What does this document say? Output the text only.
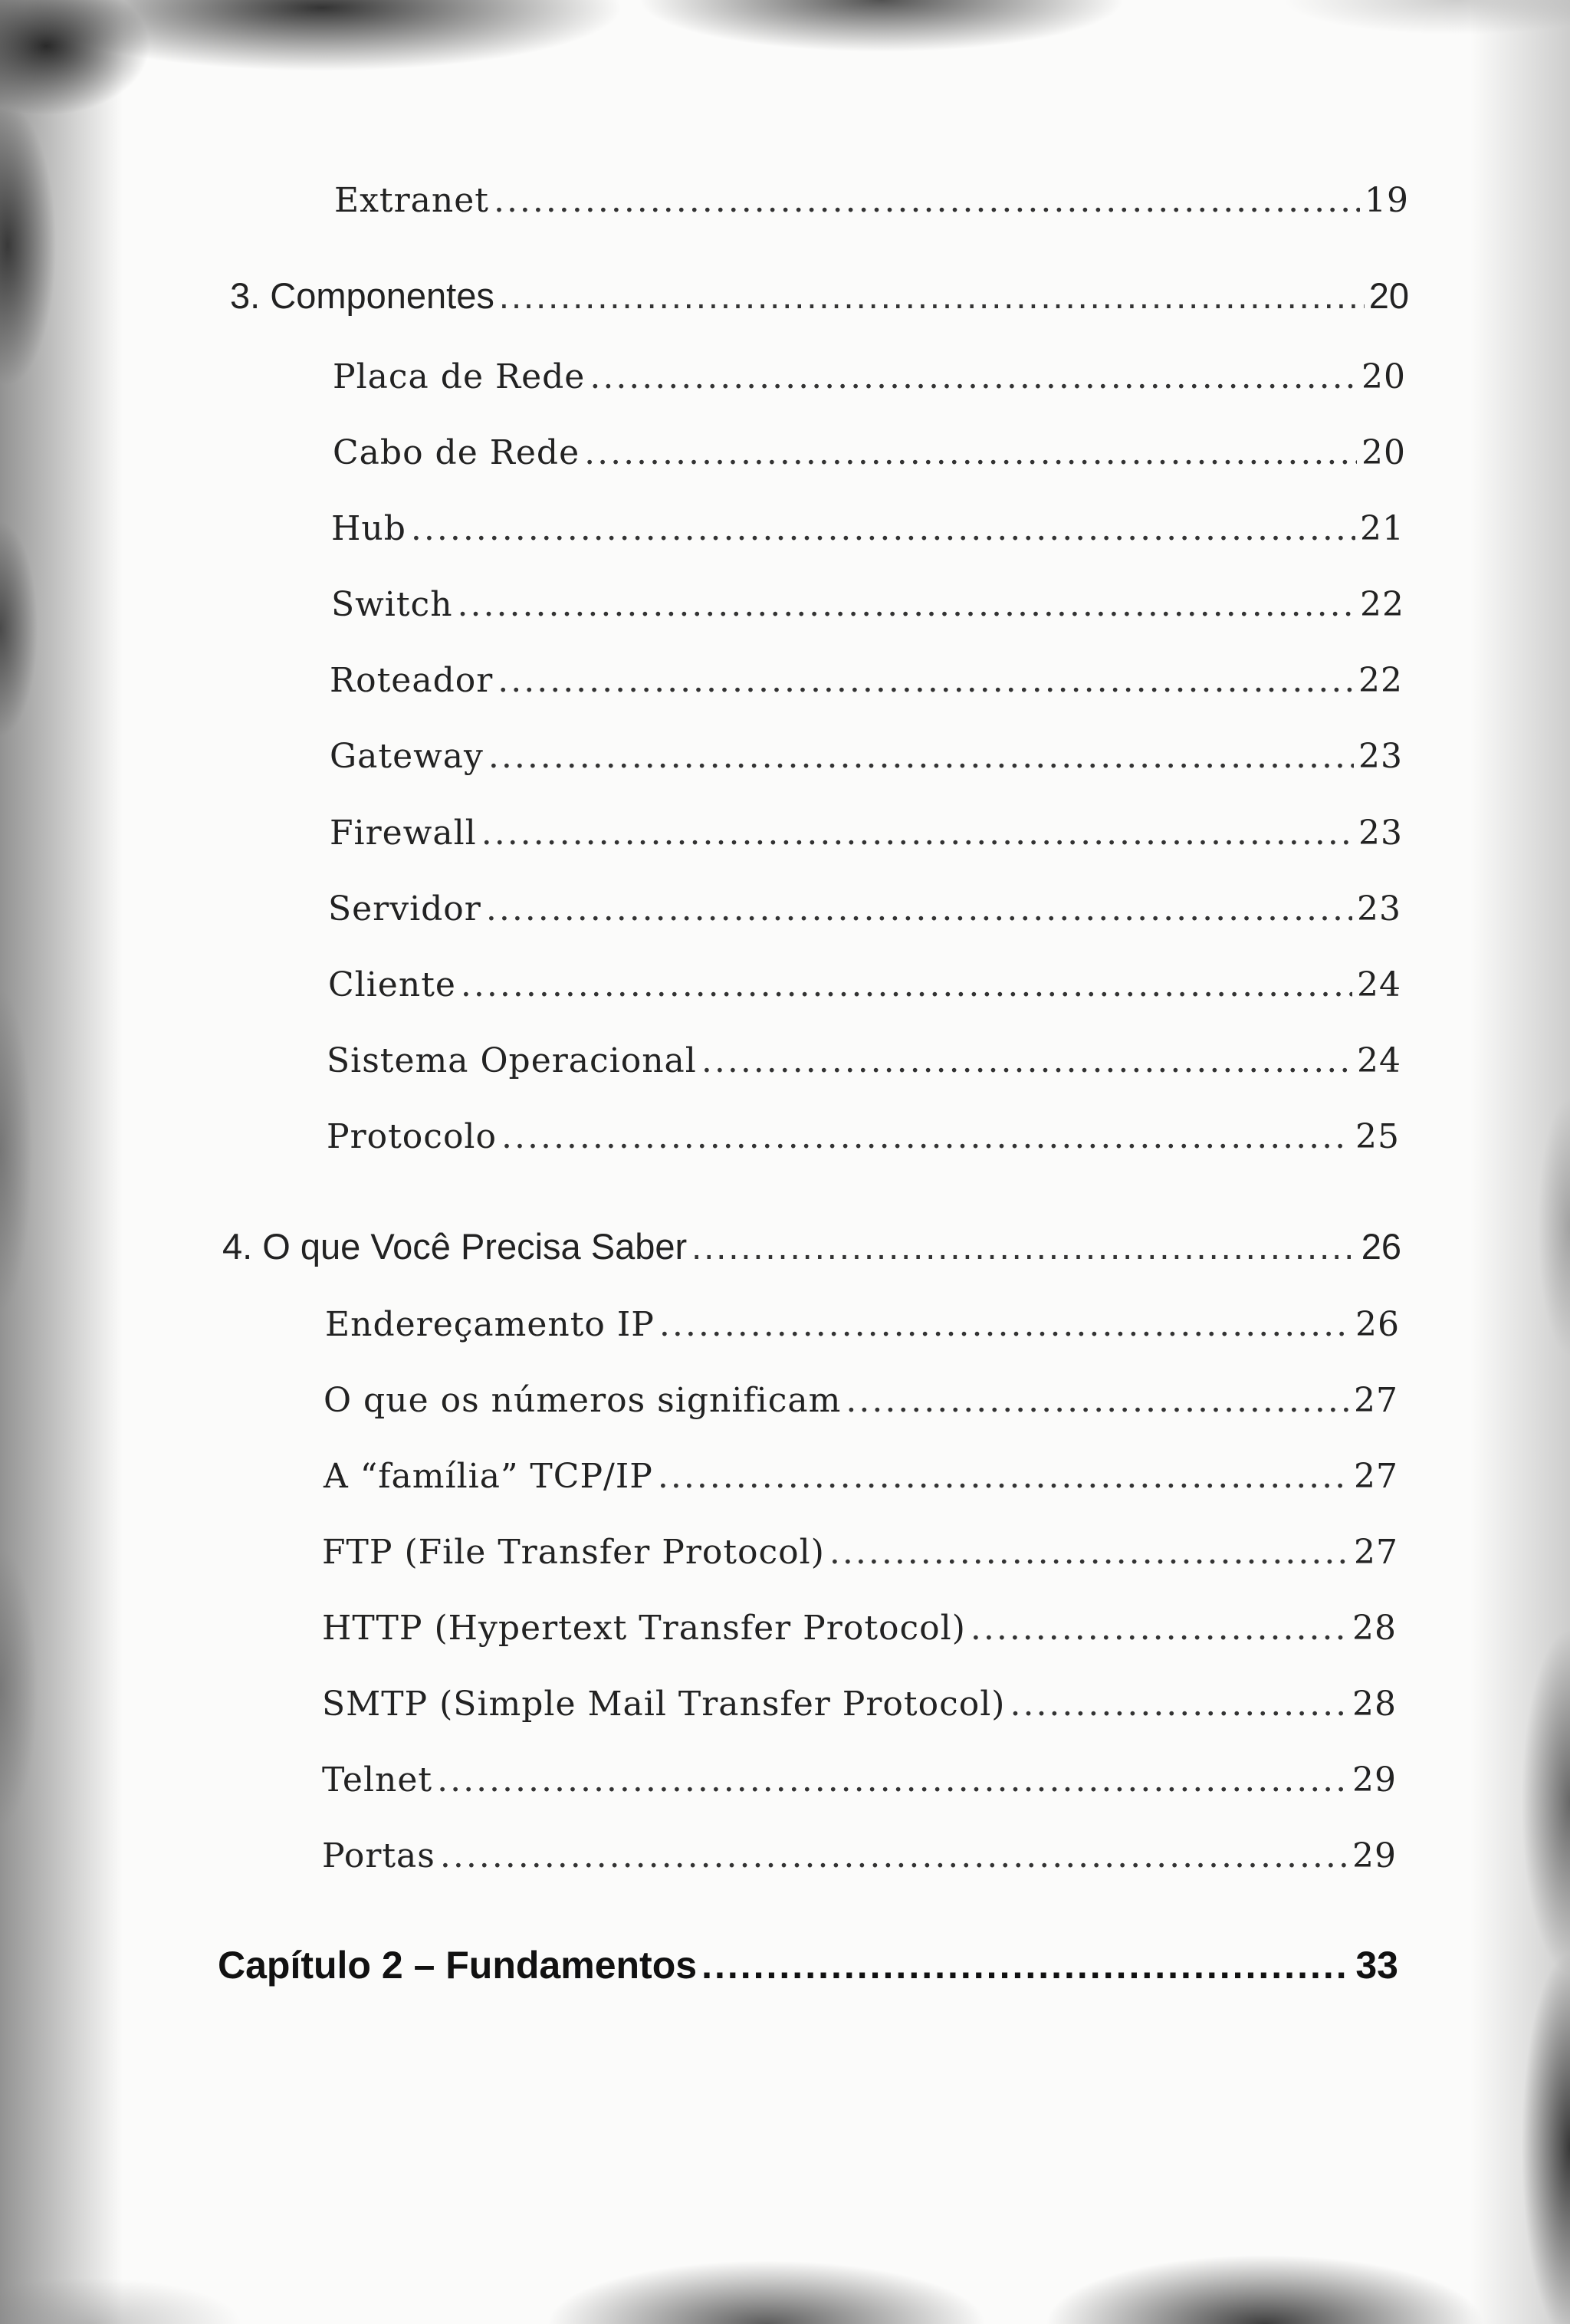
Extranet .....	19
3. Componentes .....	20
Placa de Rede .....	20
Cabo de Rede .....	20
Hub .....	21
Switch .....	22
Roteador .....	22
Gateway .....	23
Firewall .....	23
Servidor .....	23
Cliente .....	24
Sistema Operacional .....	24
Protocolo .....	25
4. O que Você Precisa Saber .....	26
Endereçamento IP .....	26
O que os números significam .....	27
A “família” TCP/IP .....	27
FTP (File Transfer Protocol) .....	27
HTTP (Hypertext Transfer Protocol) .....	28
SMTP (Simple Mail Transfer Protocol) .....	28
Telnet .....	29
Portas .....	29
Capítulo 2 – Fundamentos .....	33
